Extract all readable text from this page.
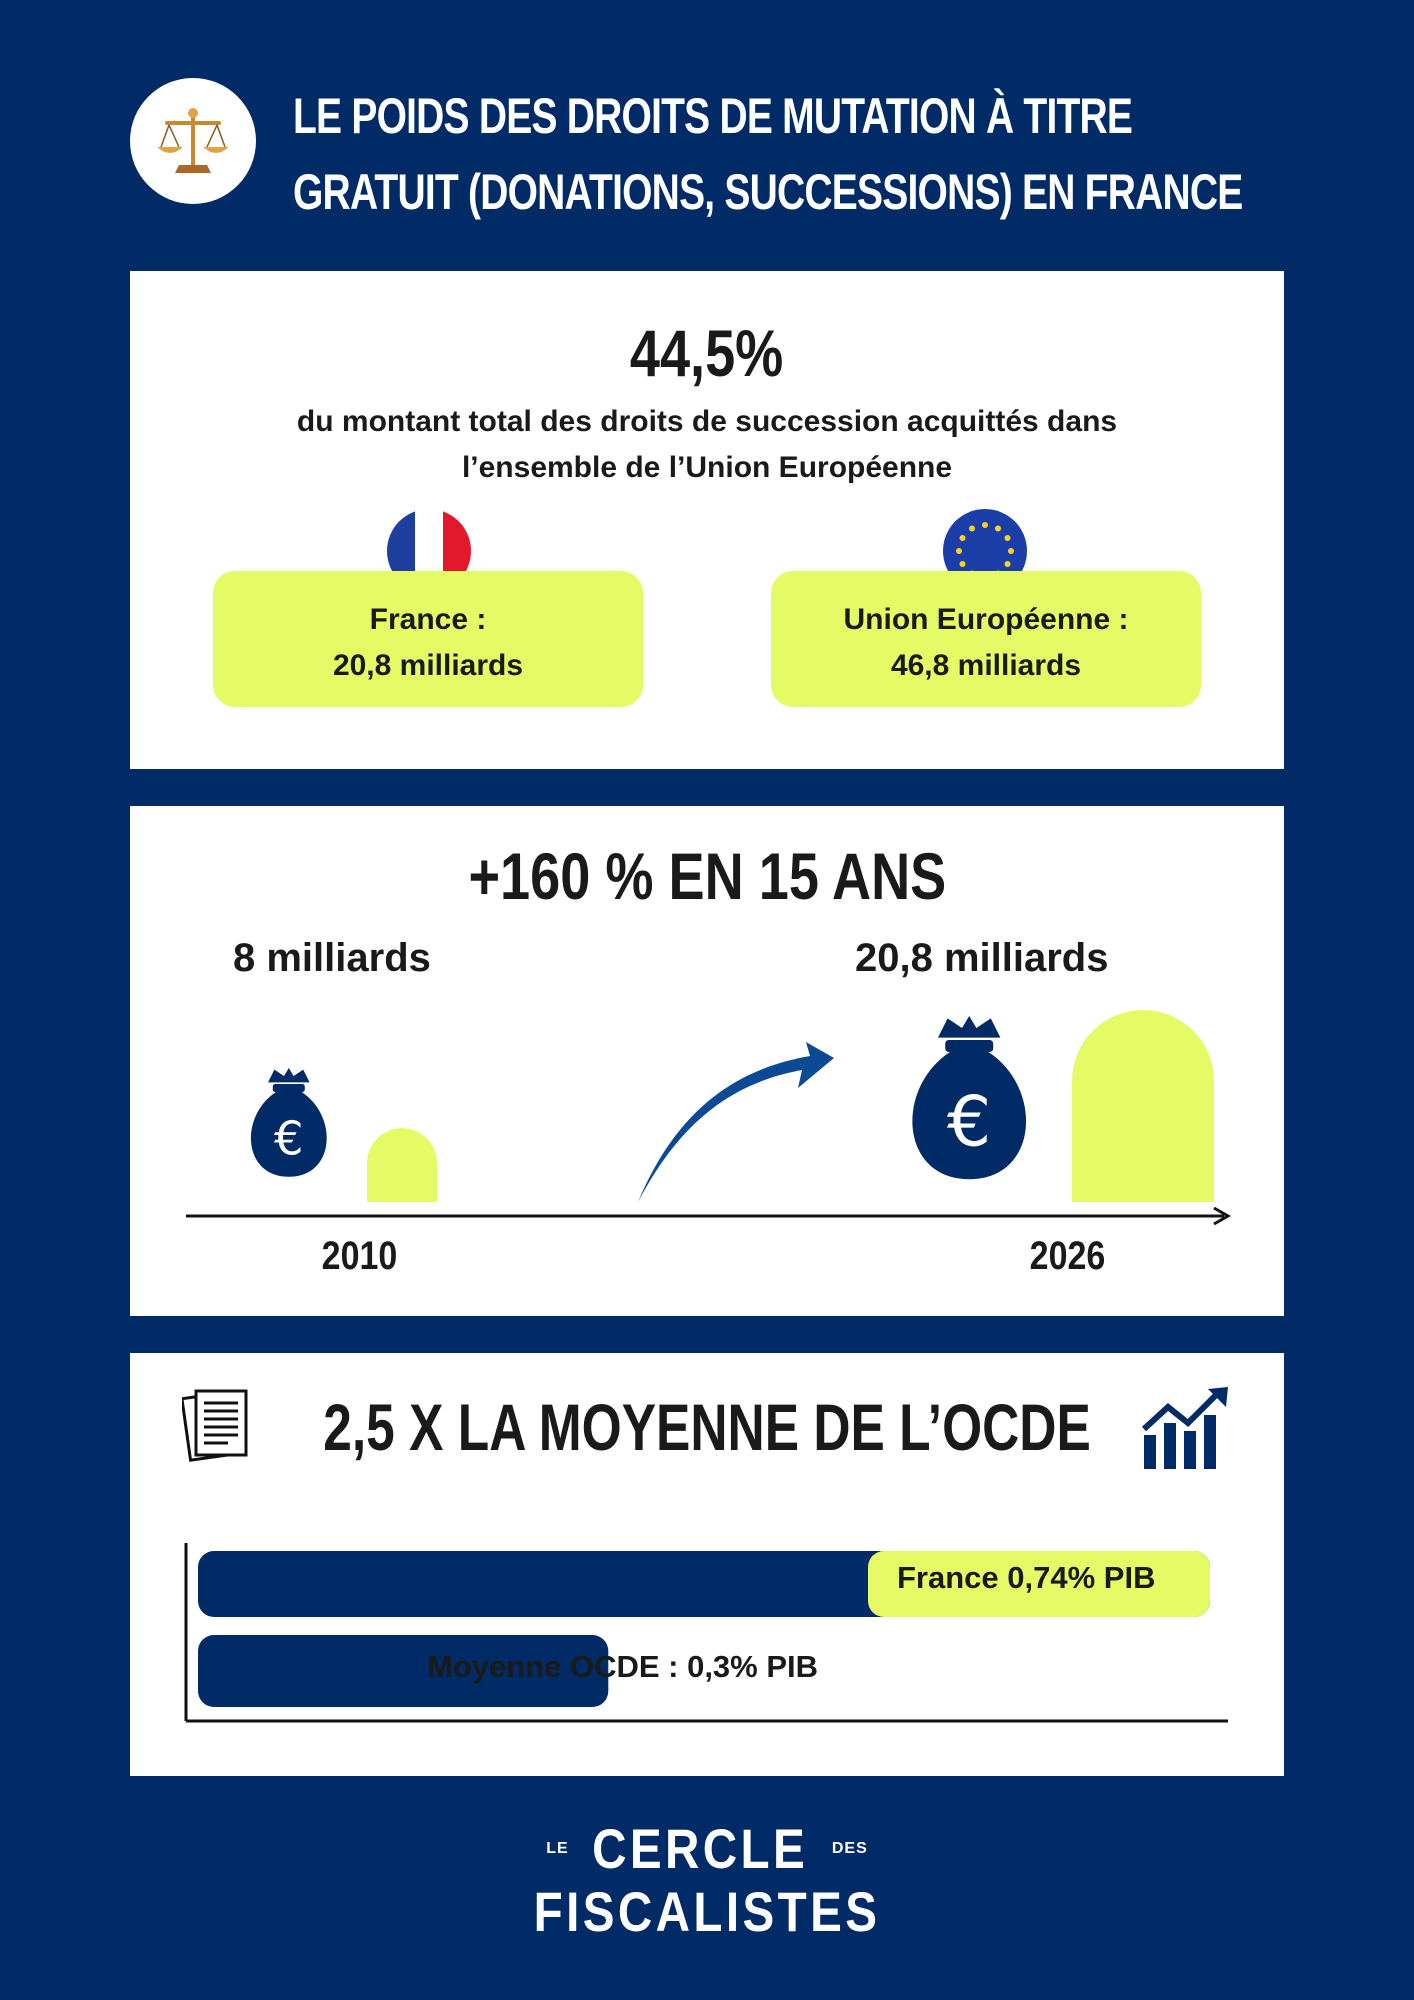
LE POIDS DES DROITS DE MUTATION À TITRE
GRATUIT (DONATIONS, SUCCESSIONS) EN FRANCE
44,5%
du montant total des droits de succession acquittés dans l’ensemble de l’Union Européenne
France :
20,8 milliards
Union Européenne :
46,8 milliards
+160 % EN 15 ANS
8 milliards	20,8 milliards
€	€
2010	2026
2,5 X LA MOYENNE DE L’OCDE
France 0,74% PIB
Moyenne OCDE : 0,3% PIB
LE CERCLE DES
FISCALISTES
